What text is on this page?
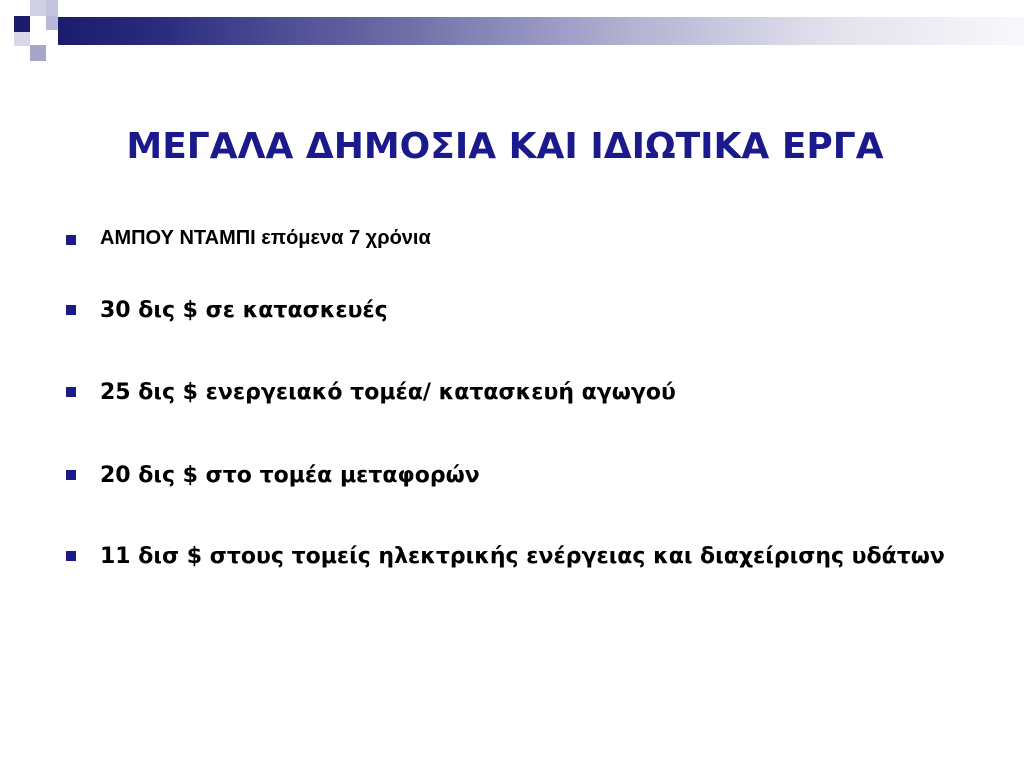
ΜΕΓΑΛΑ ΔΗΜΟΣΙΑ ΚΑΙ ΙΔΙΩΤΙΚΑ ΕΡΓΑ
ΑΜΠΟΥ ΝΤΑΜΠΙ επόμενα 7 χρόνια
30 δις $ σε κατασκευές
25 δις $ ενεργειακό τομέα/ κατασκευή αγωγού
20 δις $ στο τομέα μεταφορών
11 δισ $ στους τομείς ηλεκτρικής ενέργειας και διαχείρισης υδάτων
